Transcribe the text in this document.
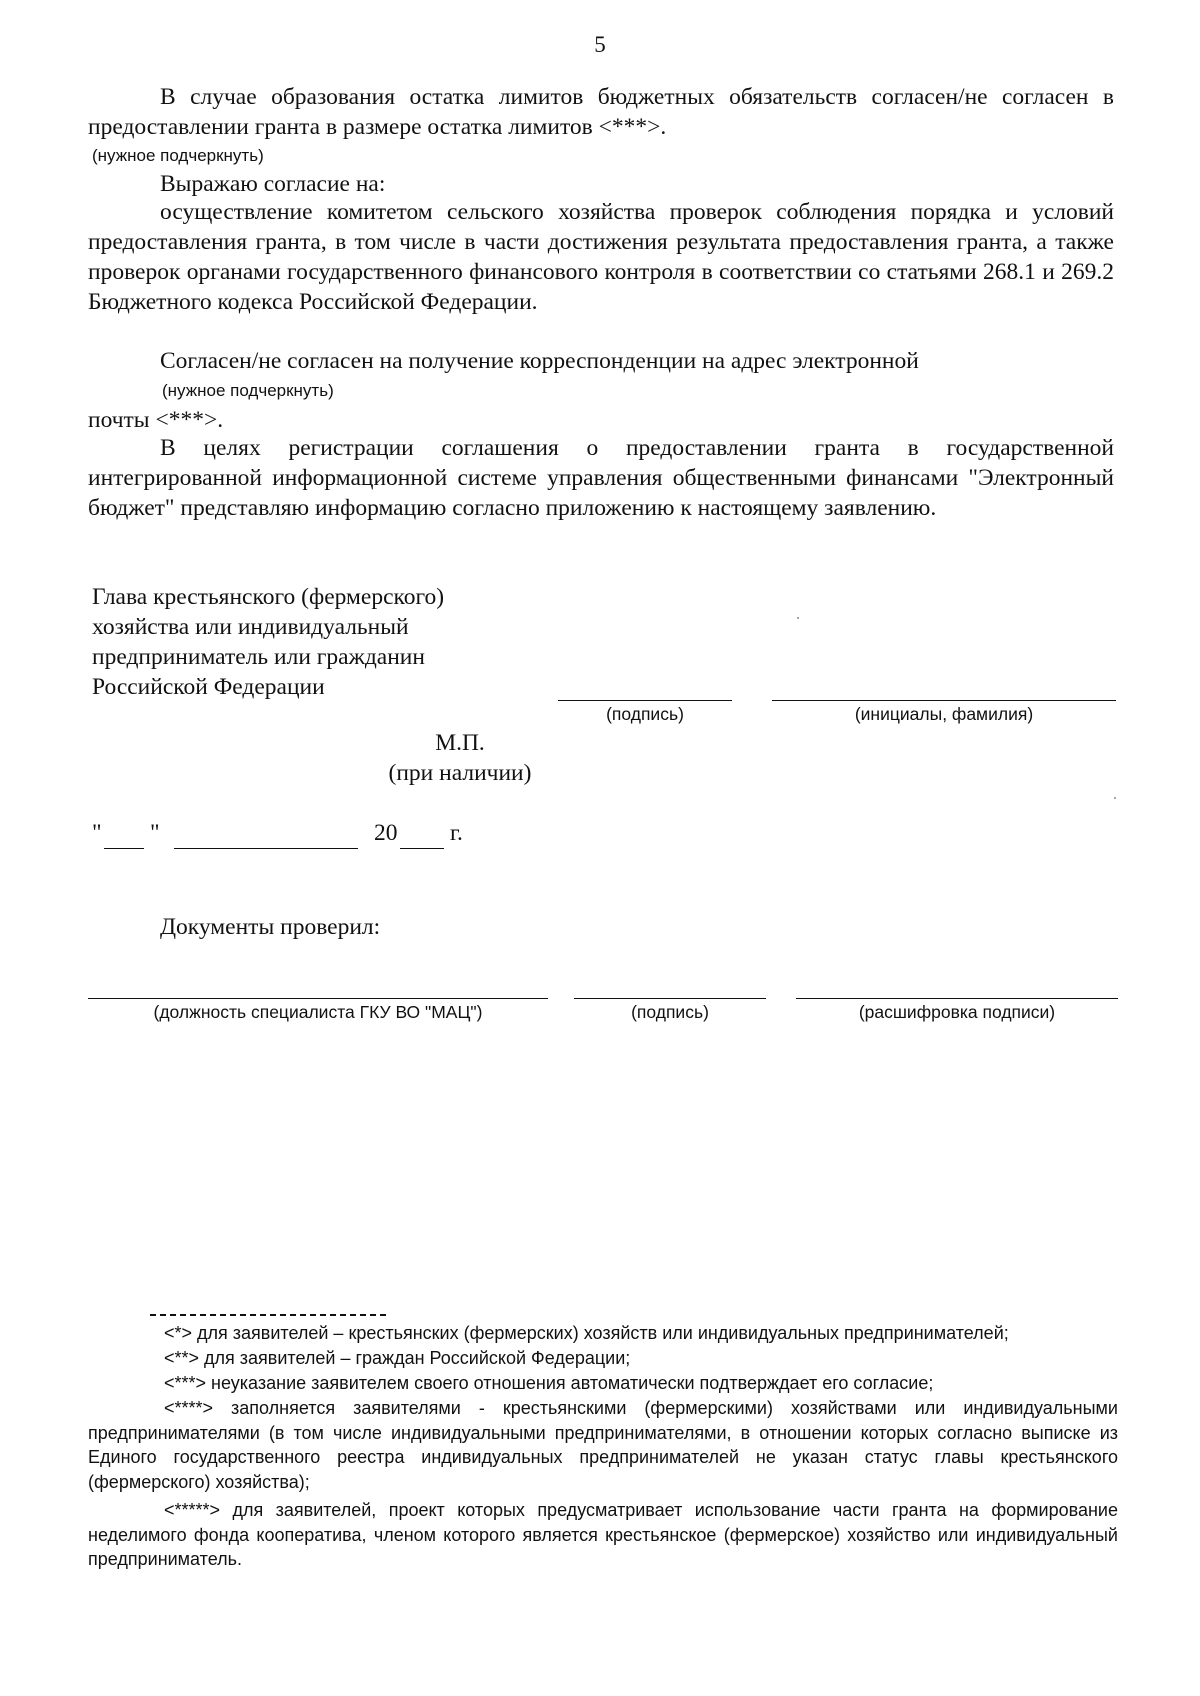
5
В случае образования остатка лимитов бюджетных обязательств согласен/не согласен в предоставлении гранта в размере остатка лимитов <***>.
(нужное подчеркнуть)
Выражаю согласие на:
осуществление комитетом сельского хозяйства проверок соблюдения порядка и условий предоставления гранта, в том числе в части достижения результата предоставления гранта, а также проверок органами государственного финансового контроля в соответствии со статьями 268.1 и 269.2 Бюджетного кодекса Российской Федерации.
Согласен/не согласен на получение корреспонденции на адрес электронной
(нужное подчеркнуть)
почты <***>.
В целях регистрации соглашения о предоставлении гранта в государственной интегрированной информационной системе управления общественными финансами "Электронный бюджет" представляю информацию согласно приложению к настоящему заявлению.
Глава крестьянского (фермерского)
хозяйства или индивидуальный
предприниматель или гражданин
Российской Федерации
(подпись)	(инициалы, фамилия)
М.П.
(при наличии)
" "	20 г.
Документы проверил:
(должность специалиста ГКУ ВО "МАЦ")	(подпись)	(расшифровка подписи)
<*> для заявителей – крестьянских (фермерских) хозяйств или индивидуальных предпринимателей;
<**> для заявителей – граждан Российской Федерации;
<***> неуказание заявителем своего отношения автоматически подтверждает его согласие;
<****> заполняется заявителями - крестьянскими (фермерскими) хозяйствами или индивидуальными предпринимателями (в том числе индивидуальными предпринимателями, в отношении которых согласно выписке из Единого государственного реестра индивидуальных предпринимателей не указан статус главы крестьянского (фермерского) хозяйства);
<*****> для заявителей, проект которых предусматривает использование части гранта на формирование неделимого фонда кооператива, членом которого является крестьянское (фермерское) хозяйство или индивидуальный предприниматель.
